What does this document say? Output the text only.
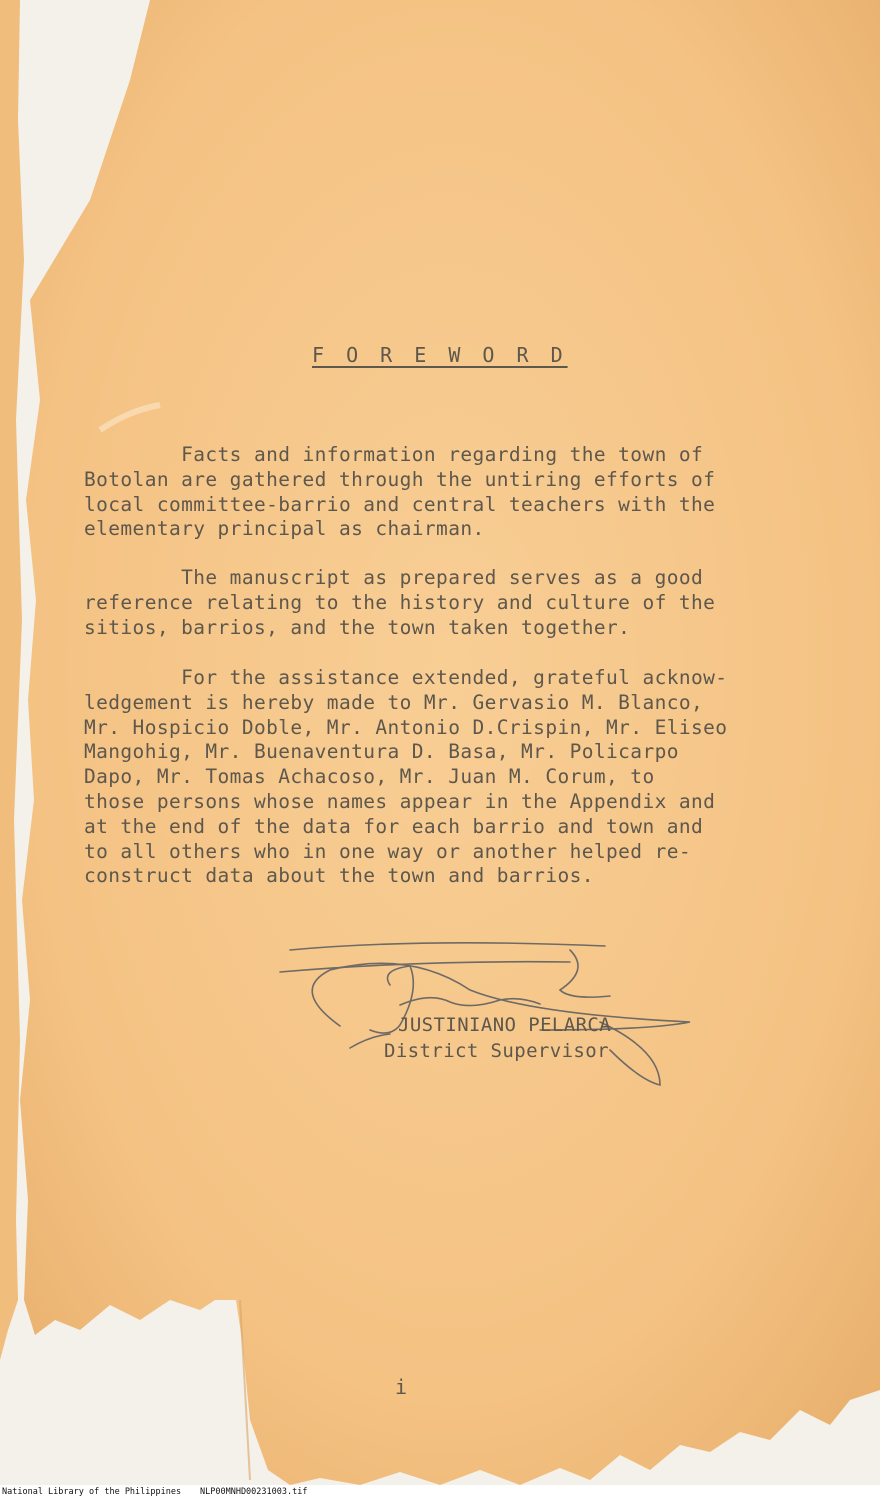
F O R E W O R D
Facts and information regarding the town of
Botolan are gathered through the untiring efforts of
local committee-barrio and central teachers with the
elementary principal as chairman.
The manuscript as prepared serves as a good
reference relating to the history and culture of the
sitios, barrios, and the town taken together.
For the assistance extended, grateful acknow-
ledgement is hereby made to Mr. Gervasio M. Blanco,
Mr. Hospicio Doble, Mr. Antonio D.Crispin, Mr. Eliseo
Mangohig, Mr. Buenaventura D. Basa, Mr. Policarpo
Dapo, Mr. Tomas Achacoso, Mr. Juan M. Corum, to
those persons whose names appear in the Appendix and
at the end of the data for each barrio and town and
to all others who in one way or another helped re-
construct data about the town and barrios.
JUSTINIANO PELARCA
District Supervisor
i
National Library of the Philippines NLP00MNHD00231003.tif
